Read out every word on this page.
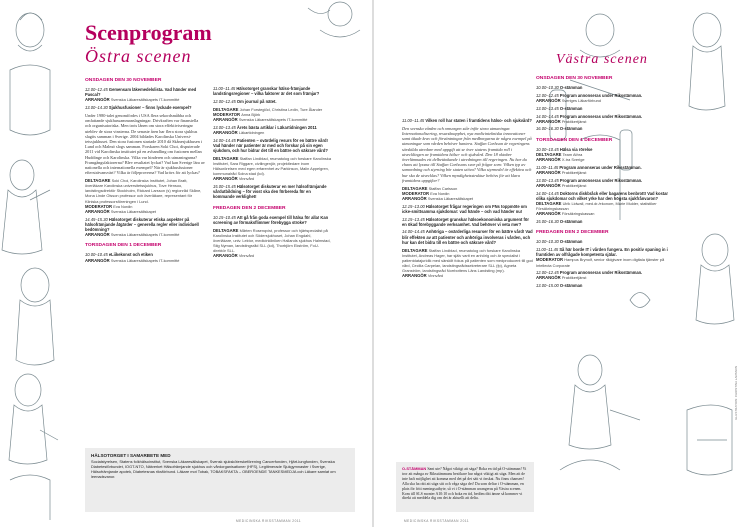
Scenprogram
Östra scenen
ONSDAGEN DEN 30 NOVEMBER

12.00–12.45 Gemensam läkemedelslista. Vad händer med Pascal?
ARRANGÖR Svenska Läkaresällskapets IT-kommitté

13.00–14.30 Sjukhusfusioner – finns lyckade exempel?

Under 1980-talet genomfördes i USA flera sekordsmåbba och omfattande sjukhussammanslagningar. Drivkraften var finansiella och organisatoriska. Men trots lånen om stora effektiviseringar uteblev de stora vinsterna. De senaste åren har flera stora sjukhus slagits samman i Sverige. 2004 bildades Karolinska Universitetssjukhuset. Den stora fusionen startade 2010 då Skånesjukhusen i Lund och Malmö slogs samman. Forskaren Soki Choi, disputerade 2011 vid Karolinska institutet på en avhandling om fusionen mellan Huddinge och Karolinska. Vilka var hinderen och utmaningarna? Framgångsfaktorerna? Blev resultatet lyckat? Vad kan Sverige lära av nationella och internationella exempel? När är sjukhusfusioner eftersträvansvärt? Vilka är följeproverna? Vad krävs för att lyckas?

DELTAGARE Soki Choi, Karolinska Institutet, Johan Bratt, överläkare Karolinska universitetssjukhus, Tove Hensoo, landstingsdirektör Stockholm, Rickard Larsson (s) regionråd Skåne, Mona Linde Olsson professor och överläkare, representant för Kliniska professorsföreningen i Lund.
MODERATOR Eva Nordin
ARRANGÖR Svenska Läkaresällskapet

14.45–15.30 Hälsotorget diskuterar etiska aspekter på hälsofrämjande åtgärder – generella regler eller individuell bedömning?
ARRANGÖR Svenska Läkaresällskapets IT-kommitté

TORSDAGEN DEN 1 DECEMBER

10.00–10.45 eLiikekonst och etiken
ARRANGÖR Svenska Läkaresällskapets IT-kommitté

11.00–11.45 Hälsotorget granskar hälso-främjande landstingsregioner – vilka faktorer är det som främjar?

12.00–12.45 Om journal på nätet.

DELTAGARE Johan Forsteglöd, Christina Ledin, Ture Ålander
MODERATOR Anna Björk
ARRANGÖR Svenska Läkaresällskapets IT-kommitté

13.00–13.45 Årets bästa artiklar i Läkartidningen 2011
ARRANGÖR Läkartidningen

14.00–14.45 Patienten – ovärdelig resurs för en bättre vård! Vad händer när patienter är med och forskar på sin egen sjukdom, och hur bidrar det till en bättre och säkrare vård?

DELTAGARE Staffan Lindblad, reumatolog och forskare Karolinska Institutet, Sara Riggare, civilingenjör, projektledare inom Hälsorörelsen med egen erfarenhet av Parkinson, Malin Appelgren, kommunalråd Solna stad (kd).
ARRANGÖR Vinnvård

15.00–15.45 Hälsotorget diskuterar en mer hälsofrämjande vårdutbildning – för visst ska den förbereda för en kommande verklighet!

FREDAGEN DEN 2 DECEMBER

10.15–10.45 Att gå från goda exempel till hälsa för alla! Kan screening av förmaksflimmer förebygga stroke?

DELTAGARE Mårten Rosenqvist, professor och hjärtspecialist på Karolinska Institutet och Södersjukhuset, Johan Engdahl, överläkare, univ. Lektor, medicinkliniken Hallands sjukhus Halmstad, Stig Nyman, landstingsråd SLL (kd), Thorbjörn Ekström, FoU-direktör SLL.
ARRANGÖR Vinnvård

HÄLSOTORGET I SAMARBETE MED

Socialstyrelsen, Statens folkhälsoinstitut, Svenska Läkaresällskapet, Svensk sjuksköterskeförening Cancerfonden, Hjärt-lungfonden, Svenska Diabetesförbundet, IOGT-NTO, Nätverket Hälsofrämjande sjukhus och vårdorganisationer (HFS), Legitimerade Sjukgymnaster i Sverige, Hälsofrämjande apotek, Diabetesnas riksförbund. Läkare mot Tobak, TOBAKSFAKTA – OBEROENDE TANKESMEDJA och Läkare samlat om leenadsvanor.

MEDICINSKA RIKSSTÄMMAN 2011

11.00–11.45 Vilken roll har staten i framtidens hälso- och sjukvård?

Den svenska vården och omsorgen står inför stora utmaningar. Internationalisering, resursknapphet, nya medicintekniska innovationer samt ökade krav och förväntningar från medborgarna är några exempel på utmaningar som vården behöver hantera. Staffan Carlsson är regeringens särskilda utredare med uppgift att se över statens framtida roll i utvecklingen av framtidens hälso- och sjukvård. Den 18 oktober överlämnades ett delbetänkande i utredningen till regeringen. Nu har du chans att lyssna till Staffan Carlssons svar på frågor som: Vilken typ av samordning och styrning bör staten utöva? Vilka styrmedel är effektiva och hur ska de utvecklas? Vilken myndighetsstruktur behövs för att klara framtidens uppgifter?

DELTAGARE Staffan Carlsson
MODERATOR Eva Nordin
ARRANGÖR Svenska Läkaresällskapet

12.15–13.00 Hälsotorget frågar regeringen om FNs toppmöte om icke-smittsamma sjukdomar: vad hände – och vad händer nu!

13.15–13.45 Hälsotorget granskar hälsoekonomiska argument för en ökad förebyggande verksamhet. Vad behöver vi veta mer?

14.00–14.45 Anhöriga – ovärderliga resurser för en bättre vård! Vad blir effekten av att patienter och anhöriga involveras i vården, och hur kan det bidra till en bättre och säkrare vård?

DELTAGARE Staffan Lindblad, reumatolog och forskare Karolinska Institutet, Andreas Hager, har själv varit en anhörig och är specialist i patientdatajuridik med särskilt fokus på patienten som medproducent till god vård, Cecilia Carpelan, landstingsrådssekreterare SLL (fp), Agneta Granström, landstingsråd Norrbottens Läns Landsting (mp).
ARRANGÖR Vinnvård

O-STÄMMAN Sant ute? Något viktigt att säga? Boka en tid på O-stämman! Vi tror att många av Riksstämmans besökare har något viktigt att säga. Men att de inte haft möjlighet att komma med det på det sätt vi önskat. Nu finns chansen! Alla ska ha rätt att säga sitt och våga säga det! Du som deltar i O-stämman, en plats för fritt meningsutbyte, så vi i O-stämman arrangeras på Västra scenen. Kom till SLS monter A10:10 och boka en tid, bedöm ditt ämne så kommer vi direkt att meddela dig om det är aktuellt att delta.

Västra scenen
ONSDAGEN DEN 30 NOVEMBER

10.00–10.30 O-stämman

12.00–12.45 Program annonseras under Riksstämman.
ARRANGÖR Sveriges Läkarförbund

13.00–13.45 O-stämman

14.00–14.45 Program annonseras under Riksstämman.
ARRANGÖR Praktikertjänst

16.00–16.30 O-stämman

TORSDAGEN DEN 1 DECEMBER

10.00–10.45 Hälsa via rörelse
DELTAGARE Team Athra
ARRANGÖR X-tra Sverige

11.00–11.45 Program annonseras under Riksstämman.
ARRANGÖR Praktikertjänst

13.00–13.45 Program annonseras under Riksstämman.
ARRANGÖR Praktikertjänst

14.00–14.45 Doktorns diskbråck eller bagarens benbrott! Vad kostar olika sjukdomar och vilket yrke har den högsta sjukfrånvaron?
DELTAGARE Ulrik Lidwall, med.dr./ekonom, Marie Mulder, statistiker Försäkringskassan
ARRANGÖR Försäkringskassan

15.00–16.30 O-stämman

FREDAGEN DEN 2 DECEMBER

10.00–10.30 O-stämman

11.00–11.45 Så här borde IT i vården fungera. En positiv spaning in i framtiden av olfrågade kompetenta själar.
MODERATOR Hampus Brynolf, senior rådgivare inom digitala tjänster på Intellecta Corporate

12.00–12.45 Program annonseras under Riksstämman.
ARRANGÖR Praktikertjänst

13.00–15.00 O-stämman

ILLUSTRATION: CHRISTINA LARSSON
MEDICINSKA RIKSSTÄMMAN 2011
